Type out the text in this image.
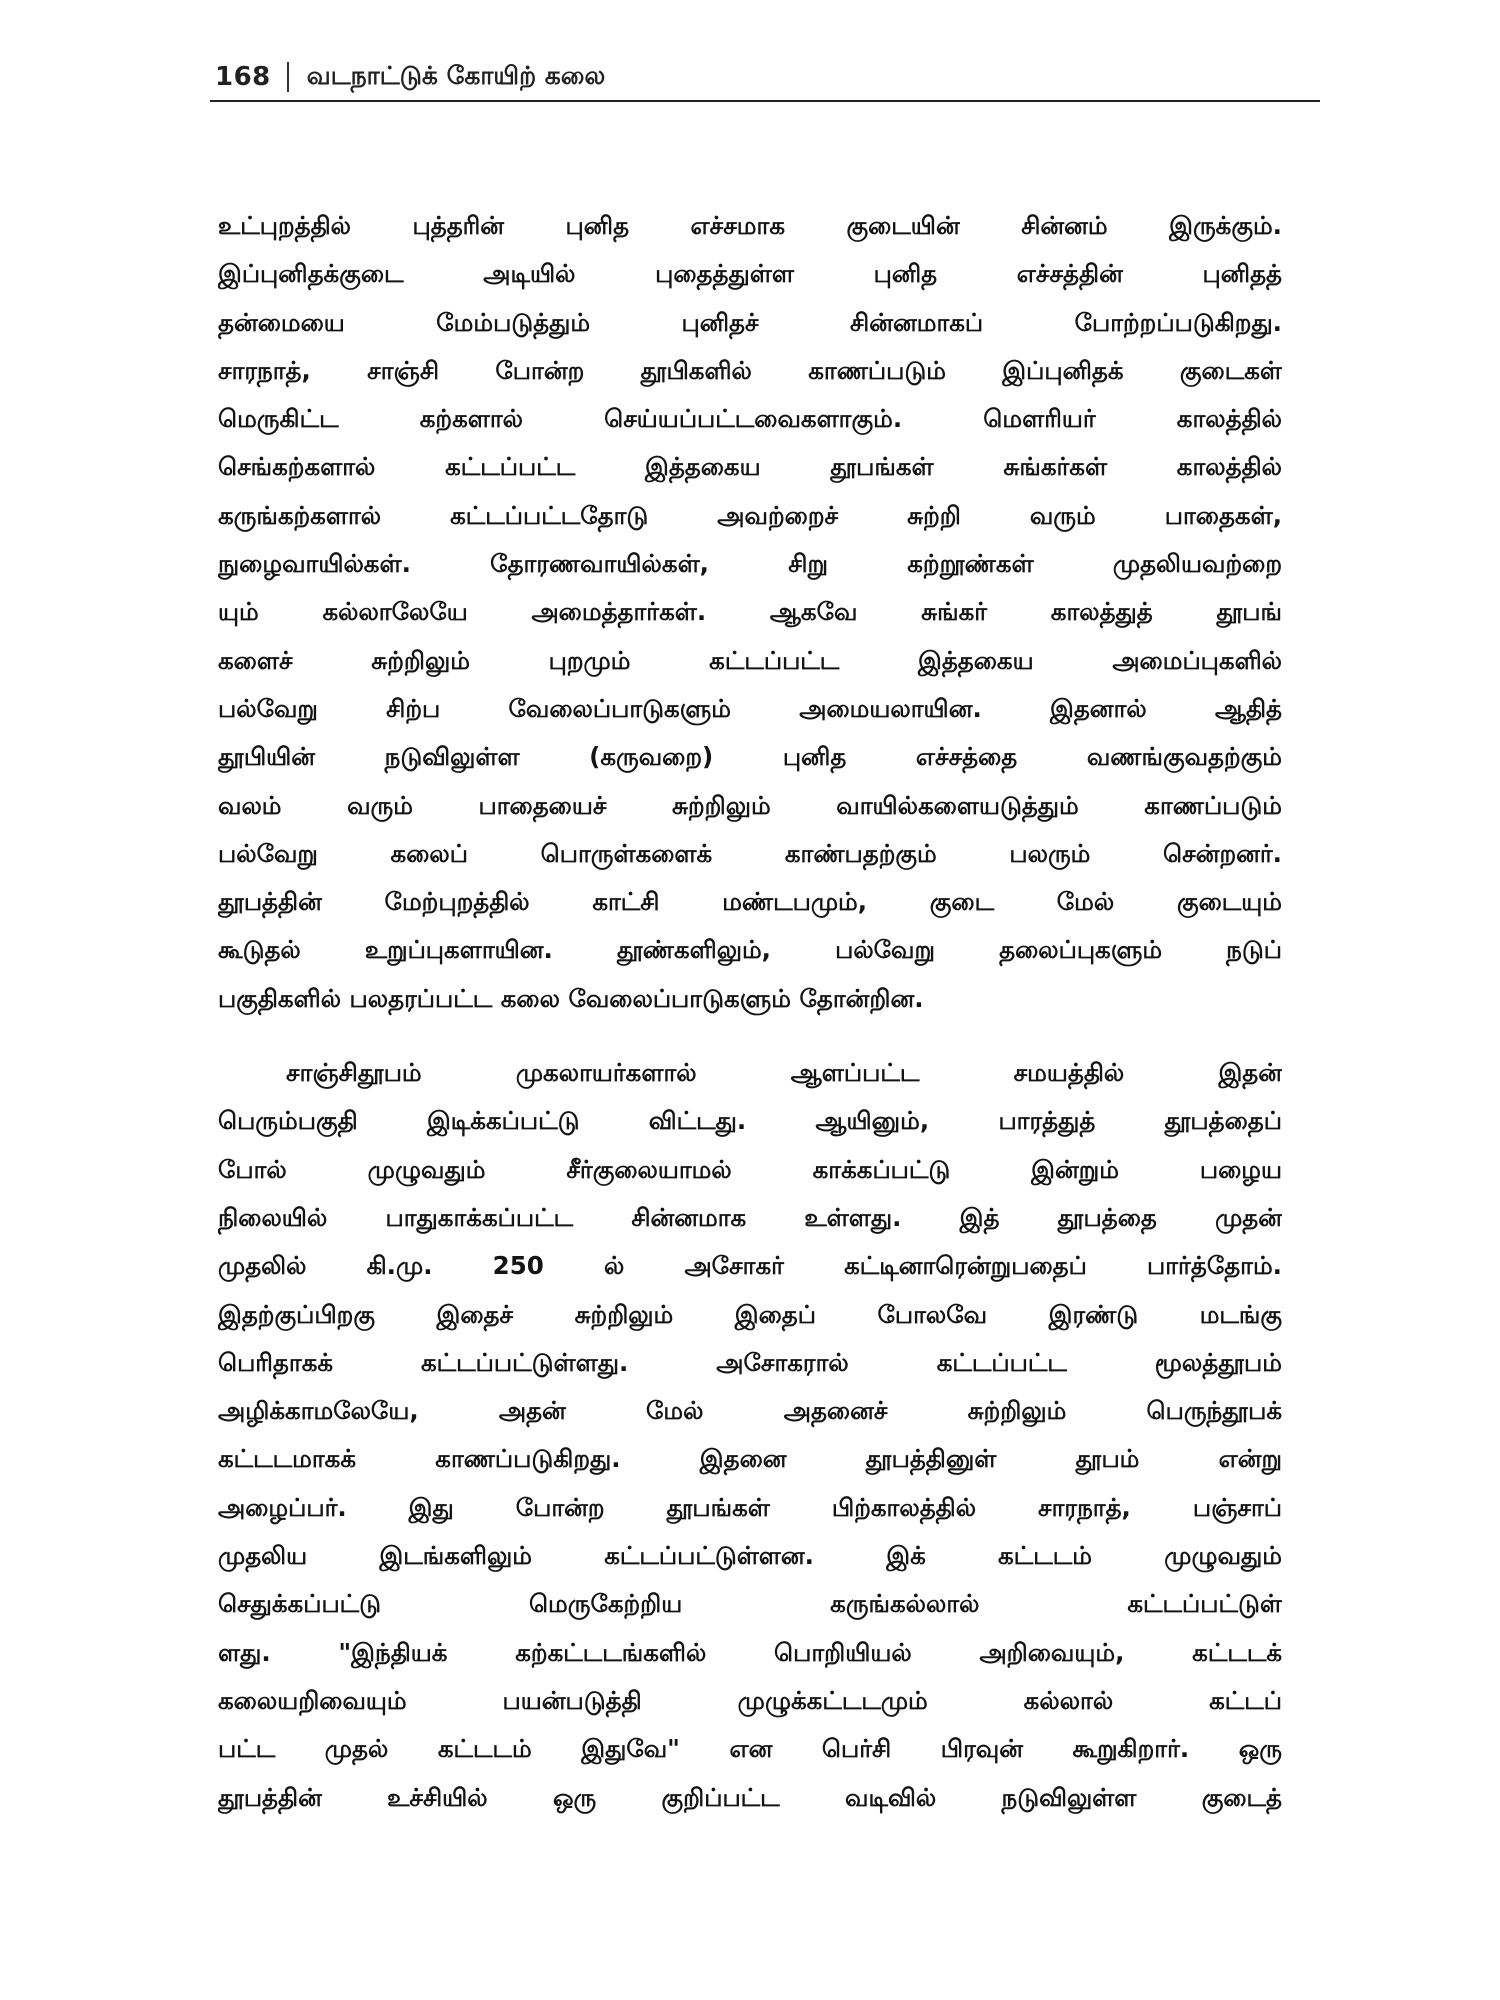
168 வடநாட்டுக் கோயிற் கலை

உட்புறத்தில் புத்தரின் புனித எச்சமாக குடையின் சின்னம் இருக்கும்.
இப்புனிதக்குடை அடியில் புதைத்துள்ள புனித எச்சத்தின் புனிதத்
தன்மையை மேம்படுத்தும் புனிதச் சின்னமாகப் போற்றப்படுகிறது.
சாரநாத், சாஞ்சி போன்ற தூபிகளில் காணப்படும் இப்புனிதக் குடைகள்
மெருகிட்ட கற்களால் செய்யப்பட்டவைகளாகும். மௌரியர் காலத்தில்
செங்கற்களால் கட்டப்பட்ட இத்தகைய தூபங்கள் சுங்கர்கள் காலத்தில்
கருங்கற்களால் கட்டப்பட்டதோடு அவற்றைச் சுற்றி வரும் பாதைகள்,
நுழைவாயில்கள். தோரணவாயில்கள், சிறு கற்றூண்கள் முதலியவற்றை
யும் கல்லாலேயே அமைத்தார்கள். ஆகவே சுங்கர் காலத்துத் தூபங்
களைச் சுற்றிலும் புறமும் கட்டப்பட்ட இத்தகைய அமைப்புகளில்
பல்வேறு சிற்ப வேலைப்பாடுகளும் அமையலாயின. இதனால் ஆதித்
தூபியின் நடுவிலுள்ள (கருவறை) புனித எச்சத்தை வணங்குவதற்கும்
வலம் வரும் பாதையைச் சுற்றிலும் வாயில்களையடுத்தும் காணப்படும்
பல்வேறு கலைப் பொருள்களைக் காண்பதற்கும் பலரும் சென்றனர்.
தூபத்தின் மேற்புறத்தில் காட்சி மண்டபமும், குடை மேல் குடையும்
கூடுதல் உறுப்புகளாயின. தூண்களிலும், பல்வேறு தலைப்புகளும் நடுப்
பகுதிகளில் பலதரப்பட்ட கலை வேலைப்பாடுகளும் தோன்றின.

சாஞ்சிதூபம் முகலாயர்களால் ஆளப்பட்ட சமயத்தில் இதன்
பெரும்பகுதி இடிக்கப்பட்டு விட்டது. ஆயினும், பாரத்துத் தூபத்தைப்
போல் முழுவதும் சீர்குலையாமல் காக்கப்பட்டு இன்றும் பழைய
நிலையில் பாதுகாக்கப்பட்ட சின்னமாக உள்ளது. இத் தூபத்தை முதன்
முதலில் கி.மு. 250 ல் அசோகர் கட்டினாரென்றுபதைப் பார்த்தோம்.
இதற்குப்பிறகு இதைச் சுற்றிலும் இதைப் போலவே இரண்டு மடங்கு
பெரிதாகக் கட்டப்பட்டுள்ளது. அசோகரால் கட்டப்பட்ட மூலத்தூபம்
அழிக்காமலேயே, அதன் மேல் அதனைச் சுற்றிலும் பெருந்தூபக்
கட்டடமாகக் காணப்படுகிறது. இதனை தூபத்தினுள் தூபம் என்று
அழைப்பர். இது போன்ற தூபங்கள் பிற்காலத்தில் சாரநாத், பஞ்சாப்
முதலிய இடங்களிலும் கட்டப்பட்டுள்ளன. இக் கட்டடம் முழுவதும்
செதுக்கப்பட்டு மெருகேற்றிய கருங்கல்லால் கட்டப்பட்டுள்
ளது. "இந்தியக் கற்கட்டடங்களில் பொறியியல் அறிவையும், கட்டடக்
கலையறிவையும் பயன்படுத்தி முழுக்கட்டடமும் கல்லால் கட்டப்
பட்ட முதல் கட்டடம் இதுவே" என பெர்சி பிரவுன் கூறுகிறார். ஒரு
தூபத்தின் உச்சியில் ஒரு குறிப்பட்ட வடிவில் நடுவிலுள்ள குடைத்
